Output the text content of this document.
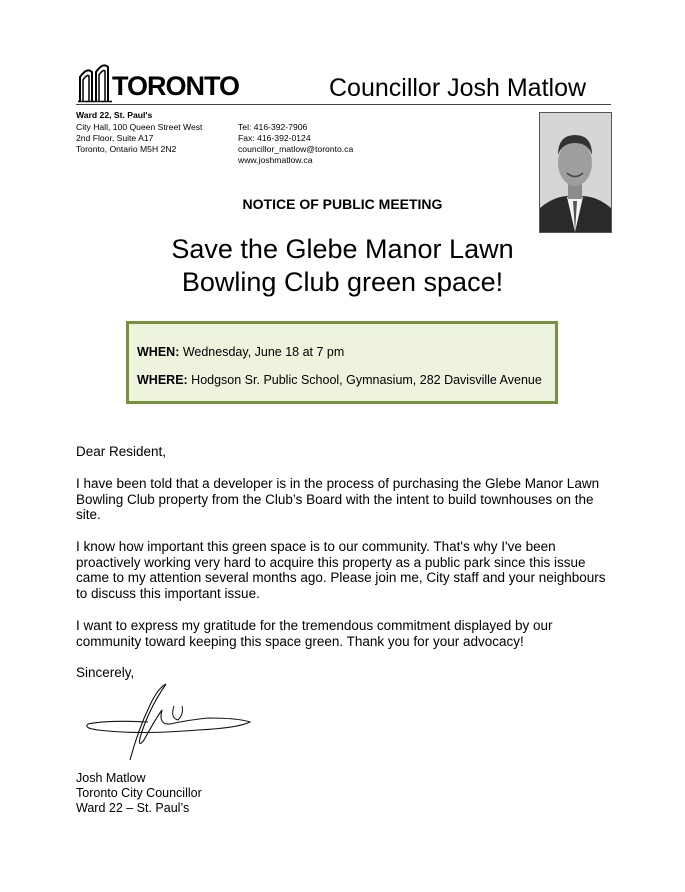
TORONTO	Councillor Josh Matlow
Ward 22, St. Paul's
City Hall, 100 Queen Street West
2nd Floor, Suite A17
Toronto, Ontario M5H 2N2
Tel: 416-392-7906
Fax: 416-392-0124
councillor_matlow@toronto.ca
www.joshmatlow.ca
NOTICE OF PUBLIC MEETING
Save the Glebe Manor Lawn
Bowling Club green space!
WHEN: Wednesday, June 18 at 7 pm
WHERE: Hodgson Sr. Public School, Gymnasium, 282 Davisville Avenue
Dear Resident,
I have been told that a developer is in the process of purchasing the Glebe Manor Lawn Bowling Club property from the Club’s Board with the intent to build townhouses on the site.
I know how important this green space is to our community. That's why I've been proactively working very hard to acquire this property as a public park since this issue came to my attention several months ago. Please join me, City staff and your neighbours to discuss this important issue.
I want to express my gratitude for the tremendous commitment displayed by our community toward keeping this space green. Thank you for your advocacy!
Sincerely,
Josh Matlow
Toronto City Councillor
Ward 22 – St. Paul’s
